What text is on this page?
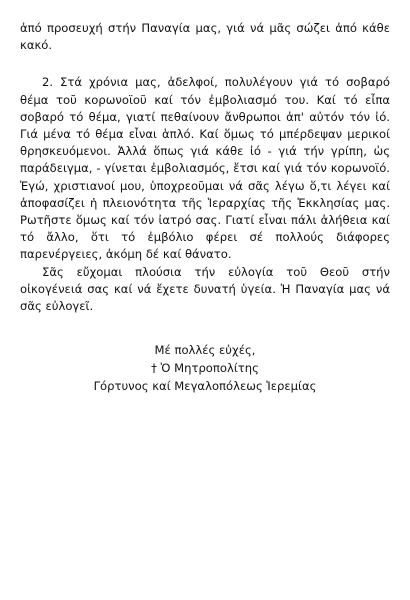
ἀπό προσευχή στήν Παναγία μας, γιά νά μᾶς σώζει ἀπό κάθε κακό.

2. Στά χρόνια μας, ἀδελφοί, πολυλέγουν γιά τό σοβαρό θέμα τοῦ κορωνοϊοῦ καί τόν ἐμβολιασμό του. Καί τό εἶπα σοβαρό τό θέμα, γιατί πεθαίνουν ἄνθρωποι ἀπ' αὐτόν τόν ἰό. Γιά μένα τό θέμα εἶναι ἁπλό. Καί ὅμως τό μπέρδεψαν μερικοί θρησκευόμενοι. Ἀλλά ὅπως γιά κάθε ἰό - γιά τήν γρίπη, ὡς παράδειγμα, - γίνεται ἐμβολιασμός, ἔτσι καί γιά τόν κορωνοϊό. Ἐγώ, χριστιανοί μου, ὑποχρεοῦμαι νά σᾶς λέγω ὅ,τι λέγει καί ἀποφασίζει ἡ πλειονότητα τῆς Ἱεραρχίας τῆς Ἐκκλησίας μας. Ρωτῆστε ὅμως καί τόν ἰατρό σας. Γιατί εἶναι πάλι ἀλήθεια καί τό ἄλλο, ὅτι τό ἐμβόλιο φέρει σέ πολλούς διάφορες παρενέργειες, ἀκόμη δέ καί θάνατο.

Σᾶς εὔχομαι πλούσια τήν εὐλογία τοῦ Θεοῦ στήν οἰκογένειά σας καί νά ἔχετε δυνατή ὑγεία. Ἡ Παναγία μας νά σᾶς εὐλογεῖ.

Μέ πολλές εὐχές,
† Ὁ Μητροπολίτης
Γόρτυνος καί Μεγαλοπόλεως Ἱερεμίας
